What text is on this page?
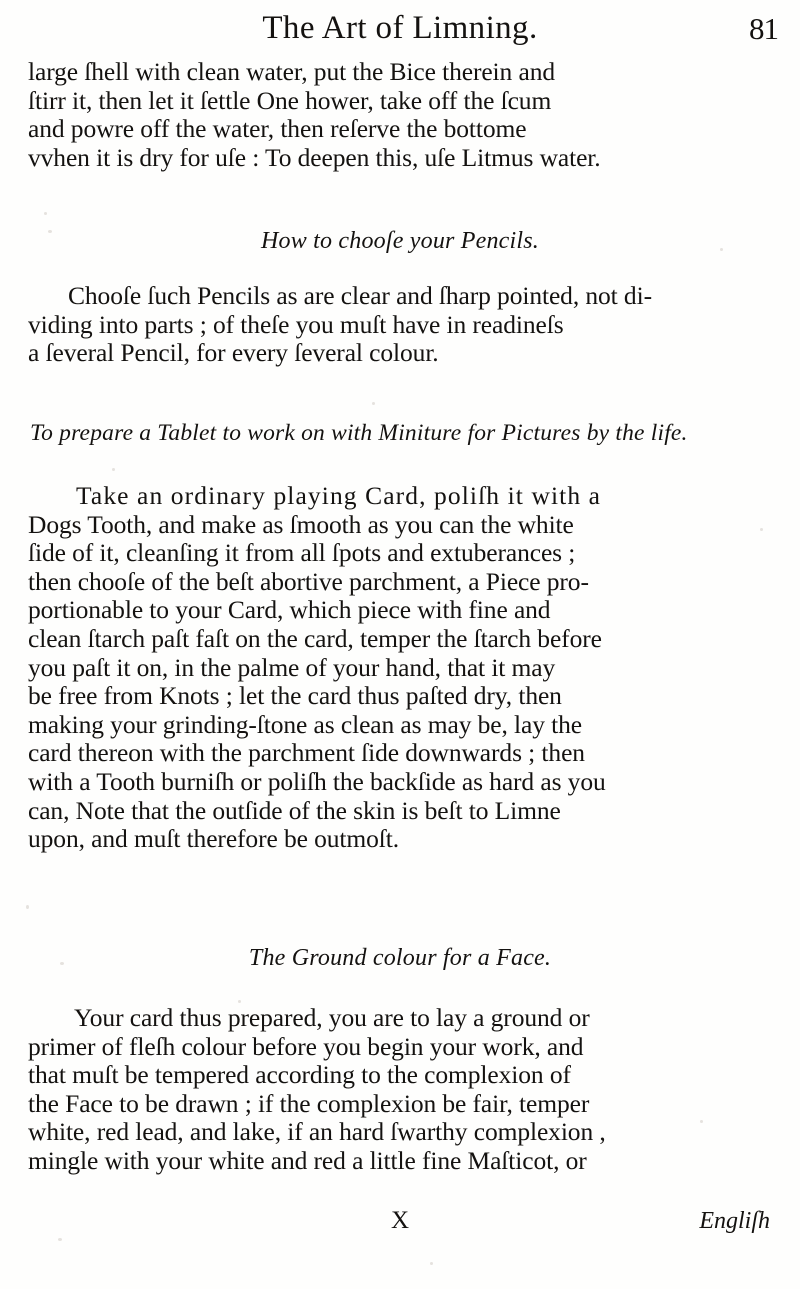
The Art of Limning.	81
large ſhell with clean water, put the Bice therein and
ſtirr it, then let it ſettle One hower, take off the ſcum
and powre off the water, then reſerve the bottome
vvhen it is dry for uſe : To deepen this, uſe Litmus water.
How to chooſe your Pencils.
Chooſe ſuch Pencils as are clear and ſharp pointed, not di-
viding into parts ; of theſe you muſt have in readineſs
a ſeveral Pencil, for every ſeveral colour.
To prepare a Tablet to work on with Miniture for Pictures by the life.
Take an ordinary playing Card, poliſh it with a
Dogs Tooth, and make as ſmooth as you can the white
ſide of it, cleanſing it from all ſpots and extuberances ;
then chooſe of the beſt abortive parchment, a Piece pro-
portionable to your Card, which piece with fine and
clean ſtarch paſt faſt on the card, temper the ſtarch before
you paſt it on, in the palme of your hand, that it may
be free from Knots ; let the card thus paſted dry, then
making your grinding-ſtone as clean as may be, lay the
card thereon with the parchment ſide downwards ; then
with a Tooth burniſh or poliſh the backſide as hard as you
can, Note that the outſide of the skin is beſt to Limne
upon, and muſt therefore be outmoſt.
The Ground colour for a Face.
Your card thus prepared, you are to lay a ground or
primer of fleſh colour before you begin your work, and
that muſt be tempered according to the complexion of
the Face to be drawn ; if the complexion be fair, temper
white, red lead, and lake, if an hard ſwarthy complexion ,
mingle with your white and red a little fine Maſticot, or
X	Engliſh
